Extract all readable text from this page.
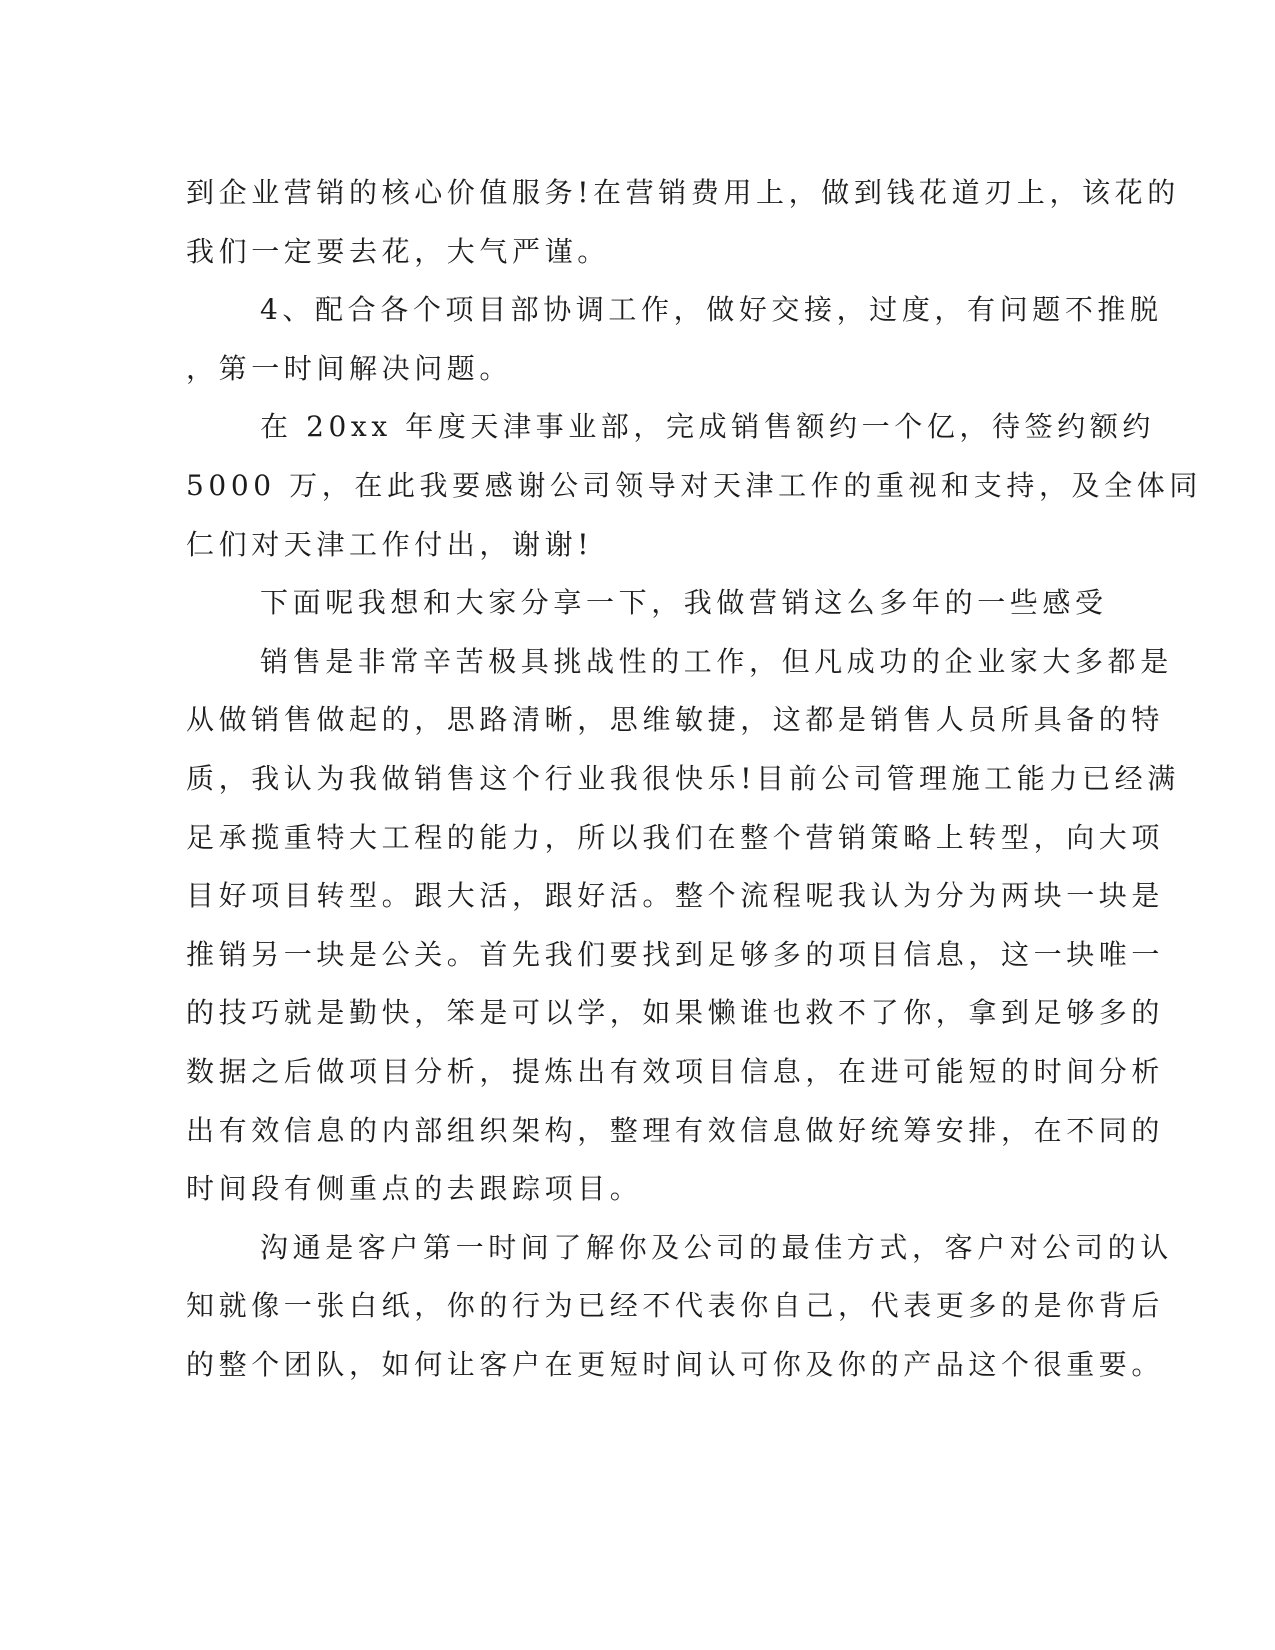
到企业营销的核心价值服务!在营销费用上，做到钱花道刃上，该花的
我们一定要去花，大气严谨。
4、配合各个项目部协调工作，做好交接，过度，有问题不推脱
，第一时间解决问题。
在 20xx 年度天津事业部，完成销售额约一个亿，待签约额约
5000 万，在此我要感谢公司领导对天津工作的重视和支持，及全体同
仁们对天津工作付出，谢谢!
下面呢我想和大家分享一下，我做营销这么多年的一些感受
销售是非常辛苦极具挑战性的工作，但凡成功的企业家大多都是
从做销售做起的，思路清晰，思维敏捷，这都是销售人员所具备的特
质，我认为我做销售这个行业我很快乐!目前公司管理施工能力已经满
足承揽重特大工程的能力，所以我们在整个营销策略上转型，向大项
目好项目转型。跟大活，跟好活。整个流程呢我认为分为两块一块是
推销另一块是公关。首先我们要找到足够多的项目信息，这一块唯一
的技巧就是勤快，笨是可以学，如果懒谁也救不了你，拿到足够多的
数据之后做项目分析，提炼出有效项目信息，在进可能短的时间分析
出有效信息的内部组织架构，整理有效信息做好统筹安排，在不同的
时间段有侧重点的去跟踪项目。
沟通是客户第一时间了解你及公司的最佳方式，客户对公司的认
知就像一张白纸，你的行为已经不代表你自己，代表更多的是你背后
的整个团队，如何让客户在更短时间认可你及你的产品这个很重要。
